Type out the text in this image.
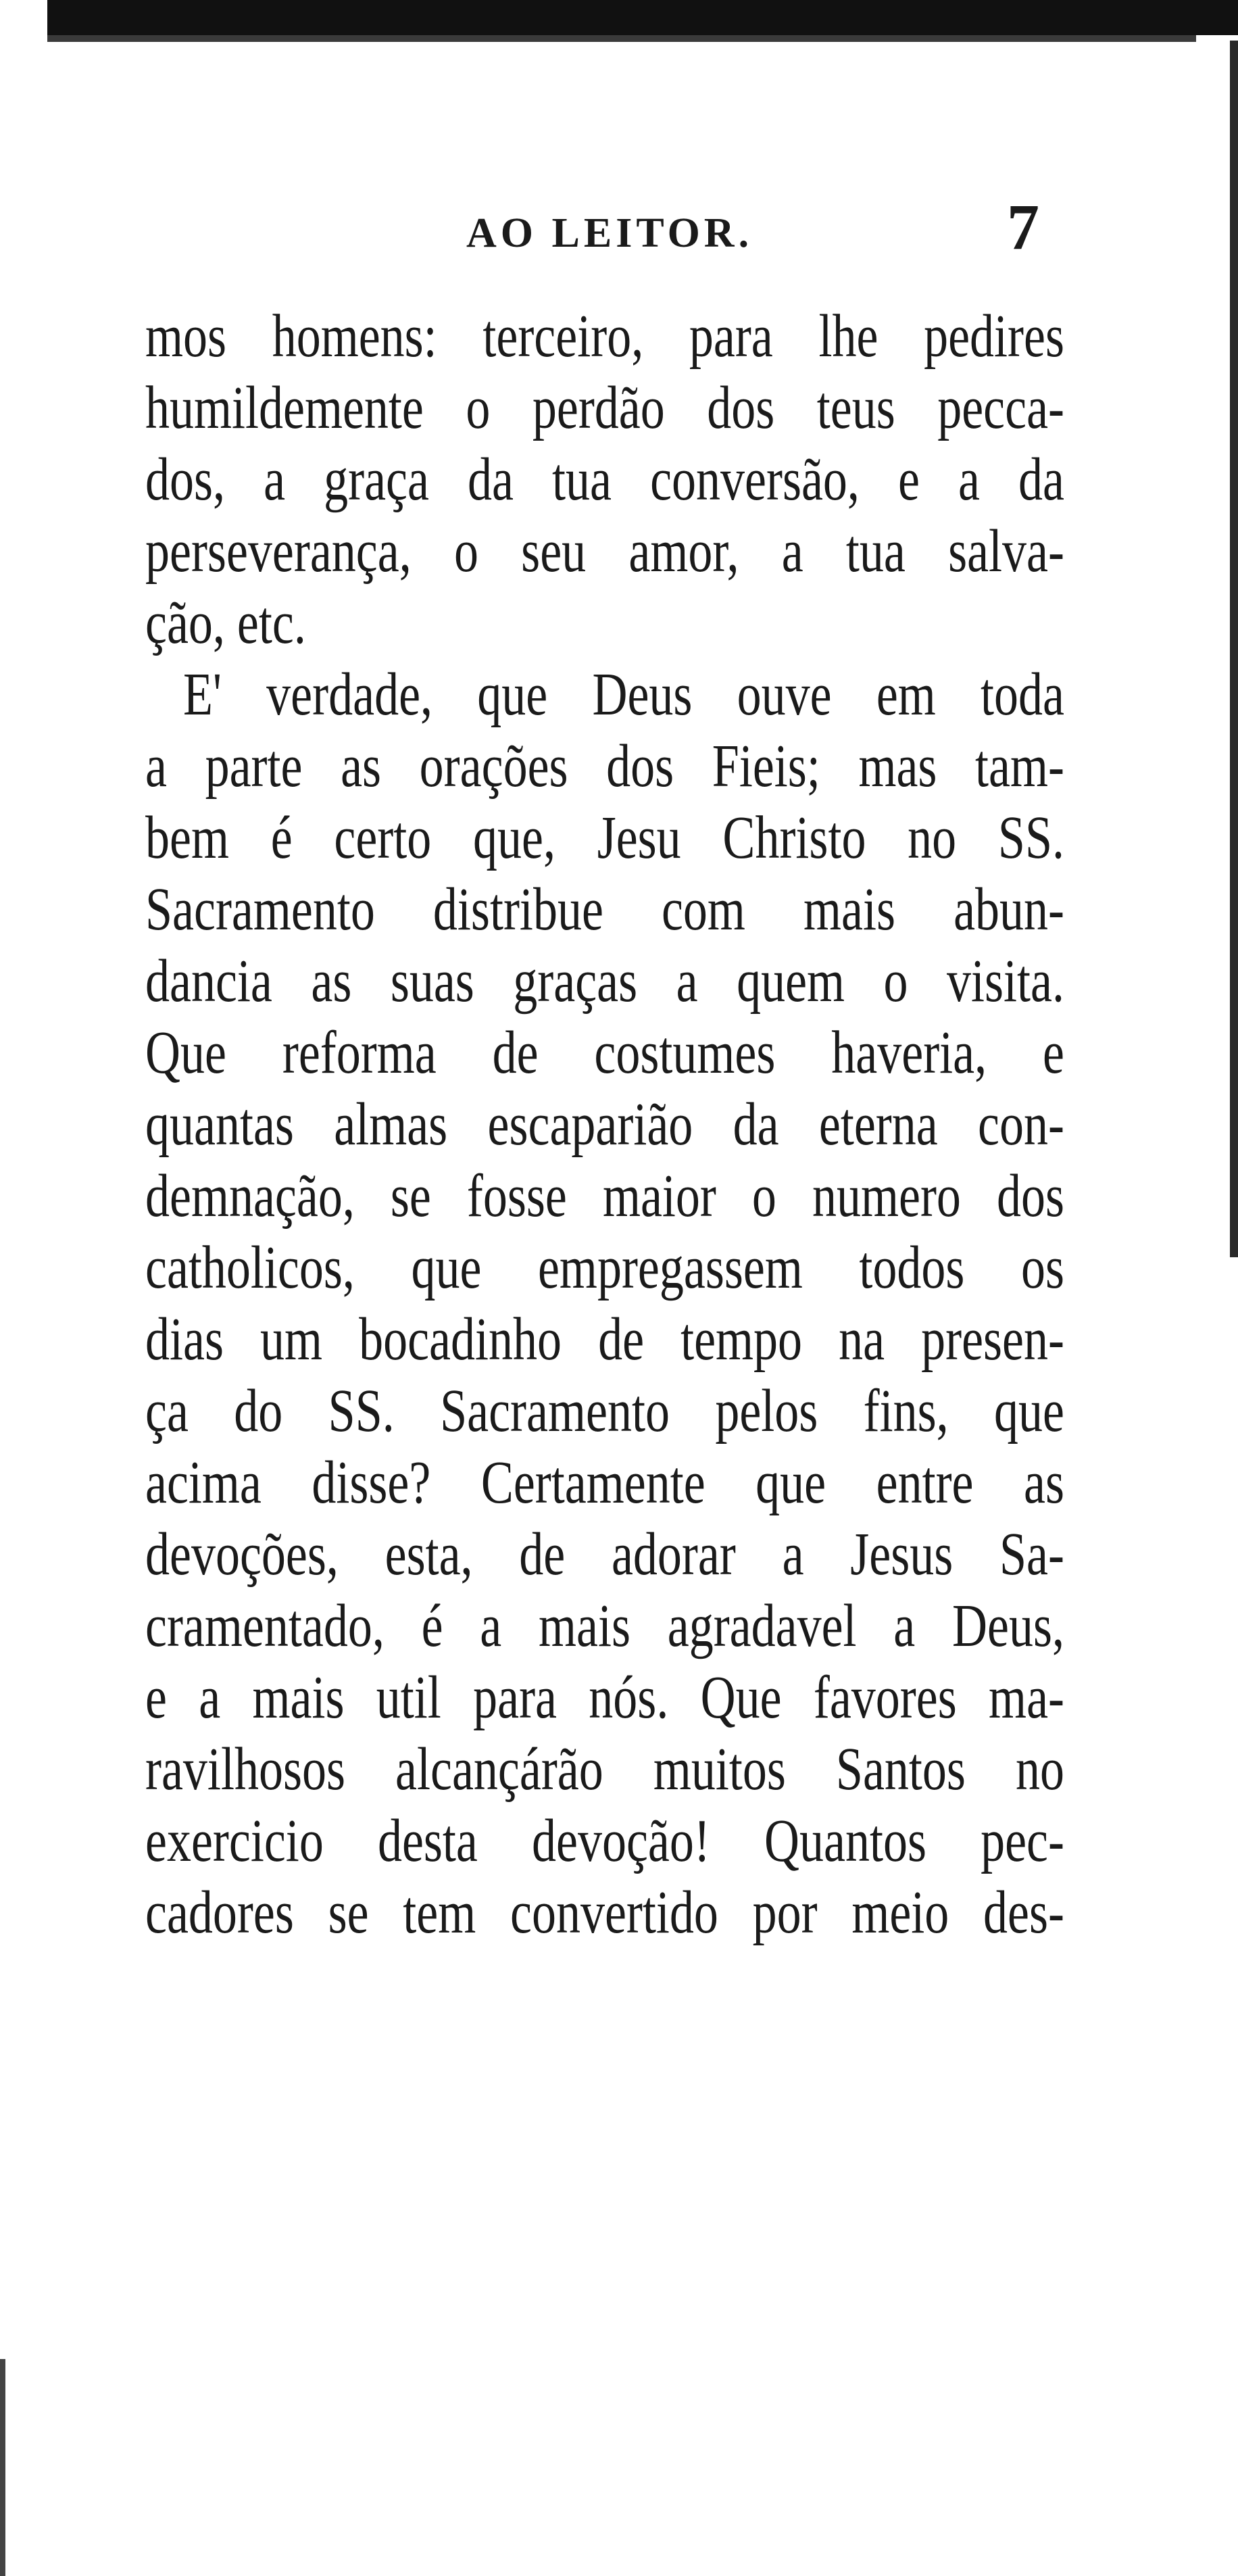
AO LEITOR.	7
mos homens: terceiro, para lhe pedires
humildemente o perdão dos teus pecca-
dos, a graça da tua conversão, e a da
perseverança, o seu amor, a tua salva-
ção, etc.
E' verdade, que Deus ouve em toda
a parte as orações dos Fieis; mas tam-
bem é certo que, Jesu Christo no SS.
Sacramento distribue com mais abun-
dancia as suas graças a quem o visita.
Que reforma de costumes haveria, e
quantas almas escaparião da eterna con-
demnação, se fosse maior o numero dos
catholicos, que empregassem todos os
dias um bocadinho de tempo na presen-
ça do SS. Sacramento pelos fins, que
acima disse? Certamente que entre as
devoções, esta, de adorar a Jesus Sa-
cramentado, é a mais agradavel a Deus,
e a mais util para nós. Que favores ma-
ravilhosos alcançárão muitos Santos no
exercicio desta devoção! Quantos pec-
cadores se tem convertido por meio des-
